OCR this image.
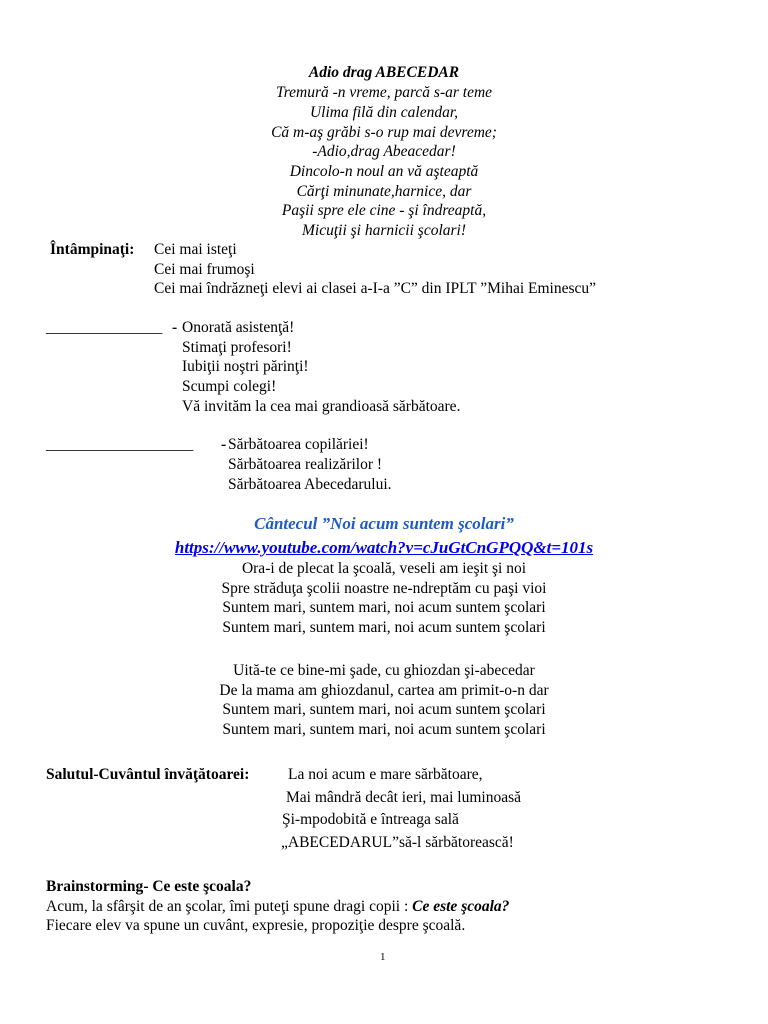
Adio drag ABECEDAR
Tremură -n vreme, parcă s-ar teme
Ulima filă din calendar,
Că m-aş grăbi s-o rup mai devreme;
-Adio,drag Abeacedar!
Dincolo-n noul an vă aşteaptă
Cărţi minunate,harnice, dar
Paşii spre ele cine - şi îndreaptă,
Micuţii şi harnicii şcolari!
Întâmpinaţi: Cei mai isteţi
Cei mai frumoşi
Cei mai îndrăzneţi elevi ai clasei a-I-a ”C” din IPLT ”Mihai Eminescu”
_______________ - Onorată asistenţă!
Stimaţi profesori!
Iubiţii noştri părinţi!
Scumpi colegi!
Vă invităm la cea mai grandioasă sărbătoare.
___________________ - Sărbătoarea copilăriei!
Sărbătoarea realizărilor !
Sărbătoarea Abecedarului.
Cântecul ”Noi acum suntem şcolari”
https://www.youtube.com/watch?v=cJuGtCnGPQQ&t=101s
Ora-i de plecat la şcoală, veseli am ieşit şi noi
Spre străduţa şcolii noastre ne-ndreptăm cu paşi vioi
Suntem mari, suntem mari, noi acum suntem şcolari
Suntem mari, suntem mari, noi acum suntem şcolari
Uită-te ce bine-mi şade, cu ghiozdan şi-abecedar
De la mama am ghiozdanul, cartea am primit-o-n dar
Suntem mari, suntem mari, noi acum suntem şcolari
Suntem mari, suntem mari, noi acum suntem şcolari
Salutul-Cuvântul învăţătoarei: La noi acum e mare sărbătoare,
Mai mândră decât ieri, mai luminoasă
Şi-mpodobită e întreaga sală
„ABECEDARUL”să-l sărbătorească!
Brainstorming- Ce este şcoala?
Acum, la sfârşit de an şcolar, îmi puteţi spune dragi copii : Ce este şcoala?
Fiecare elev va spune un cuvânt, expresie, propoziţie despre şcoală.
1
